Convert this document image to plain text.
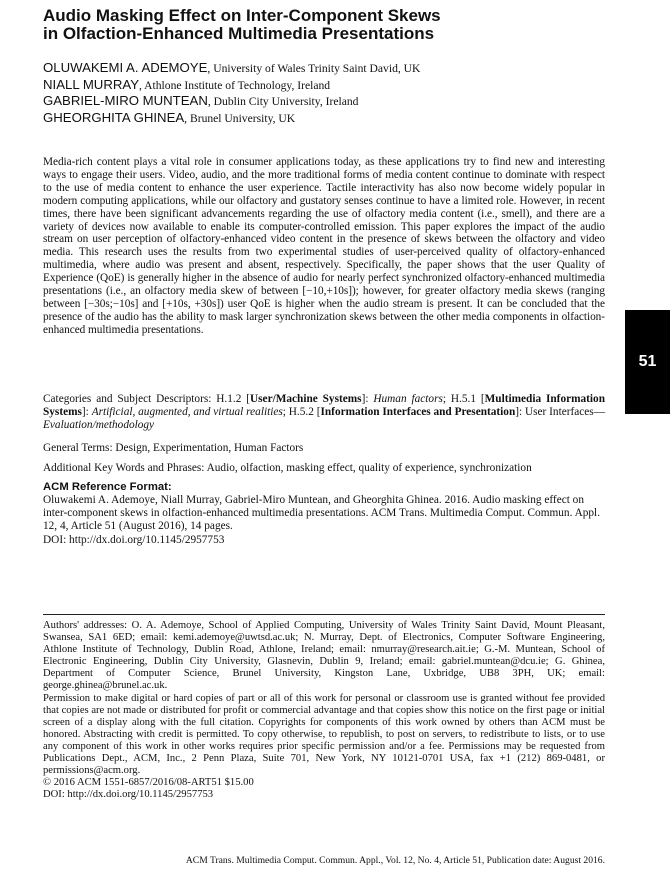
Audio Masking Effect on Inter-Component Skews
in Olfaction-Enhanced Multimedia Presentations
OLUWAKEMI A. ADEMOYE, University of Wales Trinity Saint David, UK
NIALL MURRAY, Athlone Institute of Technology, Ireland
GABRIEL-MIRO MUNTEAN, Dublin City University, Ireland
GHEORGHITA GHINEA, Brunel University, UK

Media-rich content plays a vital role in consumer applications today, as these applications try to find new and interesting ways to engage their users. Video, audio, and the more traditional forms of media content continue to dominate with respect to the use of media content to enhance the user experience. Tactile interactivity has also now become widely popular in modern computing applications, while our olfactory and gustatory senses continue to have a limited role. However, in recent times, there have been significant advancements regarding the use of olfactory media content (i.e., smell), and there are a variety of devices now available to enable its computer-controlled emission. This paper explores the impact of the audio stream on user perception of olfactory-enhanced video content in the presence of skews between the olfactory and video media. This research uses the results from two experimental studies of user-perceived quality of olfactory-enhanced multimedia, where audio was present and absent, respectively. Specifically, the paper shows that the user Quality of Experience (QoE) is generally higher in the absence of audio for nearly perfect synchronized olfactory-enhanced multimedia presentations (i.e., an olfactory media skew of between [−10,+10s]); however, for greater olfactory media skews (ranging between [−30s;−10s] and [+10s, +30s]) user QoE is higher when the audio stream is present. It can be concluded that the presence of the audio has the ability to mask larger synchronization skews between the other media components in olfaction-enhanced multimedia presentations.

Categories and Subject Descriptors: H.1.2 [User/Machine Systems]: Human factors; H.5.1 [Multimedia Information Systems]: Artificial, augmented, and virtual realities; H.5.2 [Information Interfaces and Presentation]: User Interfaces—Evaluation/methodology

General Terms: Design, Experimentation, Human Factors

Additional Key Words and Phrases: Audio, olfaction, masking effect, quality of experience, synchronization

ACM Reference Format:

Oluwakemi A. Ademoye, Niall Murray, Gabriel-Miro Muntean, and Gheorghita Ghinea. 2016. Audio masking effect on inter-component skews in olfaction-enhanced multimedia presentations. ACM Trans. Multimedia Comput. Commun. Appl. 12, 4, Article 51 (August 2016), 14 pages.
DOI: http://dx.doi.org/10.1145/2957753

Authors' addresses: O. A. Ademoye, School of Applied Computing, University of Wales Trinity Saint David, Mount Pleasant, Swansea, SA1 6ED; email: kemi.ademoye@uwtsd.ac.uk; N. Murray, Dept. of Electronics, Computer Software Engineering, Athlone Institute of Technology, Dublin Road, Athlone, Ireland; email: nmurray@research.ait.ie; G.-M. Muntean, School of Electronic Engineering, Dublin City University, Glasnevin, Dublin 9, Ireland; email: gabriel.muntean@dcu.ie; G. Ghinea, Department of Computer Science, Brunel University, Kingston Lane, Uxbridge, UB8 3PH, UK; email: george.ghinea@brunel.ac.uk.

Permission to make digital or hard copies of part or all of this work for personal or classroom use is granted without fee provided that copies are not made or distributed for profit or commercial advantage and that copies show this notice on the first page or initial screen of a display along with the full citation. Copyrights for components of this work owned by others than ACM must be honored. Abstracting with credit is permitted. To copy otherwise, to republish, to post on servers, to redistribute to lists, or to use any component of this work in other works requires prior specific permission and/or a fee. Permissions may be requested from Publications Dept., ACM, Inc., 2 Penn Plaza, Suite 701, New York, NY 10121-0701 USA, fax +1 (212) 869-0481, or permissions@acm.org.

© 2016 ACM 1551-6857/2016/08-ART51 $15.00

DOI: http://dx.doi.org/10.1145/2957753

ACM Trans. Multimedia Comput. Commun. Appl., Vol. 12, No. 4, Article 51, Publication date: August 2016.

51
